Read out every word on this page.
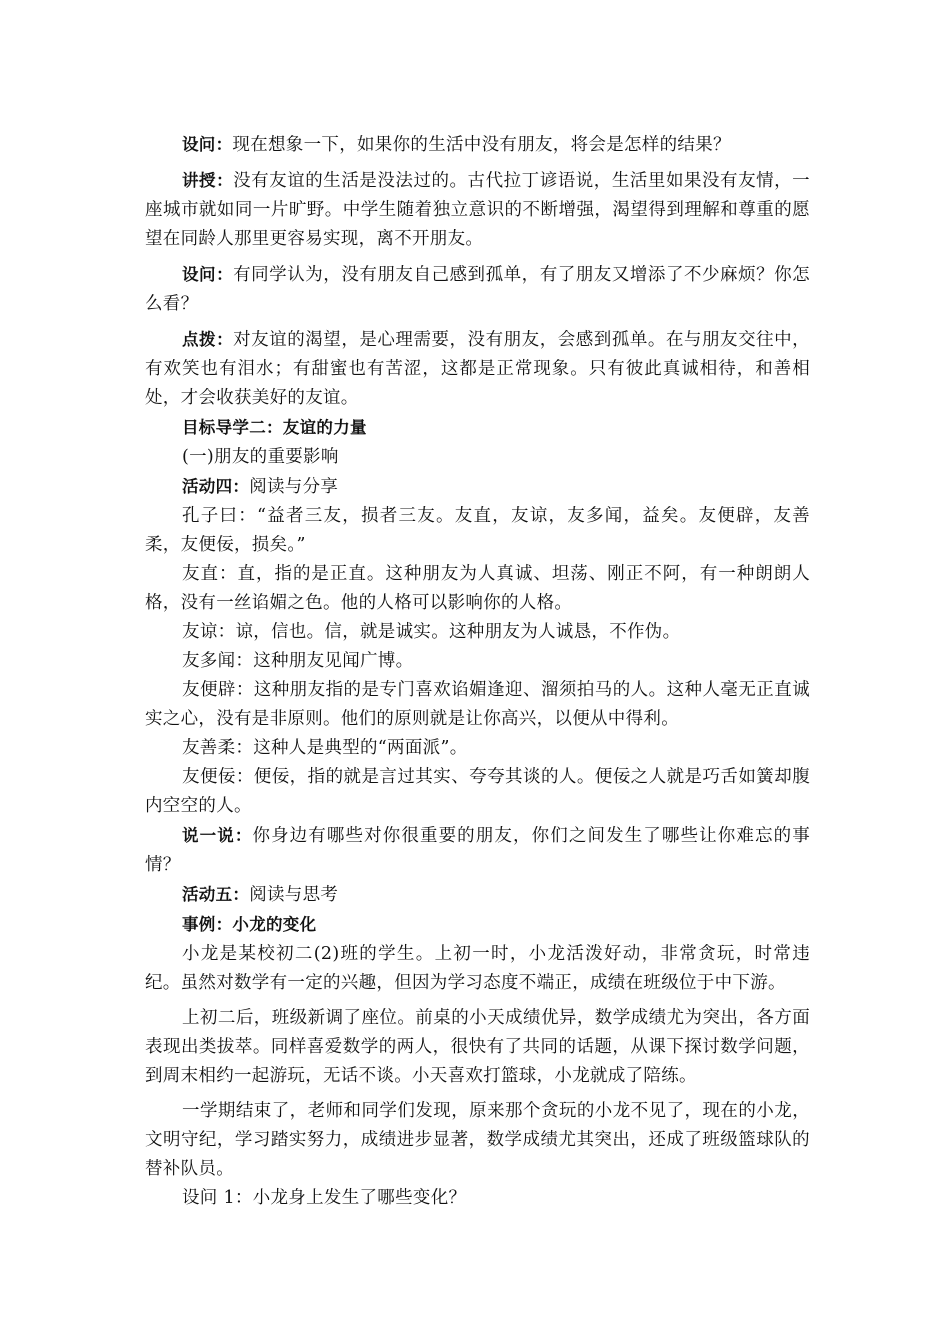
设问：现在想象一下，如果你的生活中没有朋友，将会是怎样的结果？

讲授：没有友谊的生活是没法过的。古代拉丁谚语说，生活里如果没有友情，一座城市就如同一片旷野。中学生随着独立意识的不断增强，渴望得到理解和尊重的愿望在同龄人那里更容易实现，离不开朋友。

设问：有同学认为，没有朋友自己感到孤单，有了朋友又增添了不少麻烦？你怎么看？

点拨：对友谊的渴望，是心理需要，没有朋友，会感到孤单。在与朋友交往中，有欢笑也有泪水；有甜蜜也有苦涩，这都是正常现象。只有彼此真诚相待，和善相处，才会收获美好的友谊。

目标导学二：友谊的力量

(一)朋友的重要影响

活动四：阅读与分享

孔子曰：“益者三友，损者三友。友直，友谅，友多闻，益矣。友便辟，友善柔，友便佞，损矣。”

友直：直，指的是正直。这种朋友为人真诚、坦荡、刚正不阿，有一种朗朗人格，没有一丝谄媚之色。他的人格可以影响你的人格。

友谅：谅，信也。信，就是诚实。这种朋友为人诚恳，不作伪。

友多闻：这种朋友见闻广博。

友便辟：这种朋友指的是专门喜欢谄媚逢迎、溜须拍马的人。这种人毫无正直诚实之心，没有是非原则。他们的原则就是让你高兴，以便从中得利。

友善柔：这种人是典型的“两面派”。

友便佞：便佞，指的就是言过其实、夸夸其谈的人。便佞之人就是巧舌如簧却腹内空空的人。

说一说：你身边有哪些对你很重要的朋友，你们之间发生了哪些让你难忘的事情？

活动五：阅读与思考

事例：小龙的变化

小龙是某校初二(2)班的学生。上初一时，小龙活泼好动，非常贪玩，时常违纪。虽然对数学有一定的兴趣，但因为学习态度不端正，成绩在班级位于中下游。

上初二后，班级新调了座位。前桌的小天成绩优异，数学成绩尤为突出，各方面表现出类拔萃。同样喜爱数学的两人，很快有了共同的话题，从课下探讨数学问题，到周末相约一起游玩，无话不谈。小天喜欢打篮球，小龙就成了陪练。

一学期结束了，老师和同学们发现，原来那个贪玩的小龙不见了，现在的小龙，文明守纪，学习踏实努力，成绩进步显著，数学成绩尤其突出，还成了班级篮球队的替补队员。

设问 1：小龙身上发生了哪些变化？
